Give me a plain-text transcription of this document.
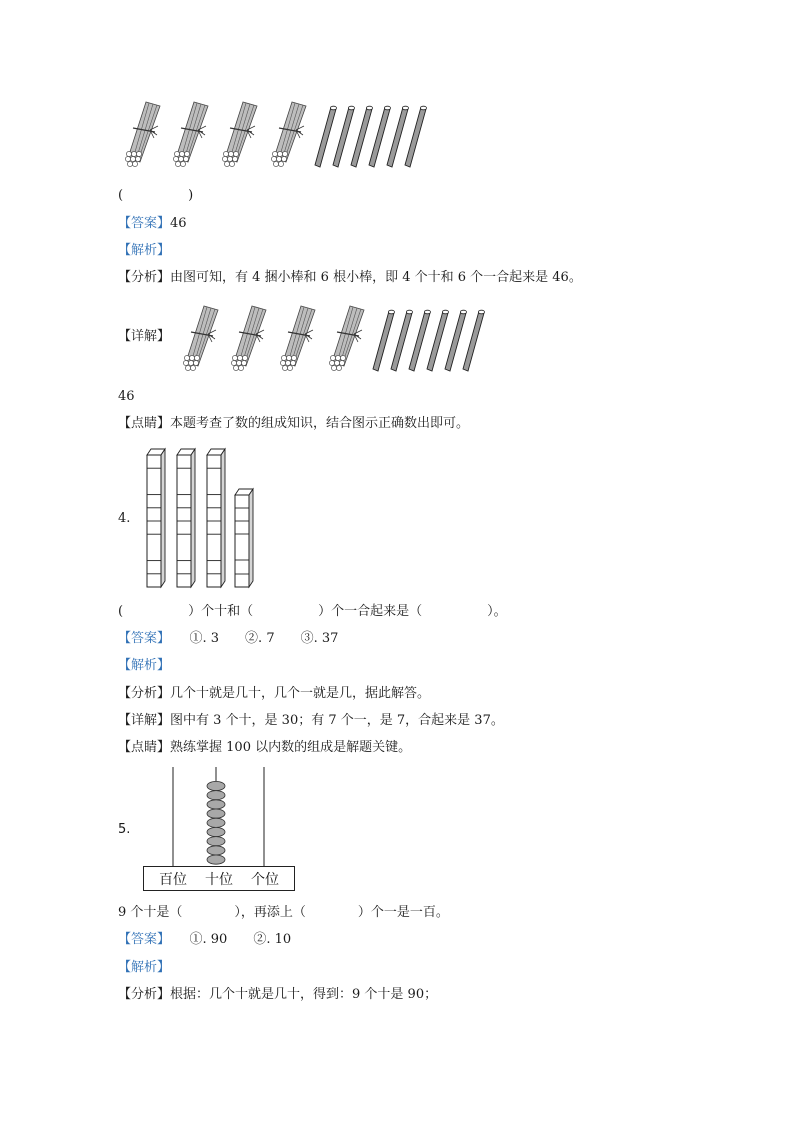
(　　　　　)
【答案】46
【解析】
【分析】由图可知，有 4 捆小棒和 6 根小棒，即 4 个十和 6 个一合起来是 46。
【详解】
46
【点睛】本题考查了数的组成知识，结合图示正确数出即可。
4.
(　　　　　）个十和（　　　　　）个一合起来是（　　　　　）。
【答案】　　①. 3　　②. 7　　③. 37
【解析】
【分析】几个十就是几十，几个一就是几，据此解答。
【详解】图中有 3 个十，是 30；有 7 个一，是 7，合起来是 37。
【点睛】熟练掌握 100 以内数的组成是解题关键。
5.
百位 十位 个位
9 个十是（　　　　），再添上（　　　　）个一是一百。
【答案】　　①. 90　　②. 10
【解析】
【分析】根据：几个十就是几十，得到：9 个十是 90；
